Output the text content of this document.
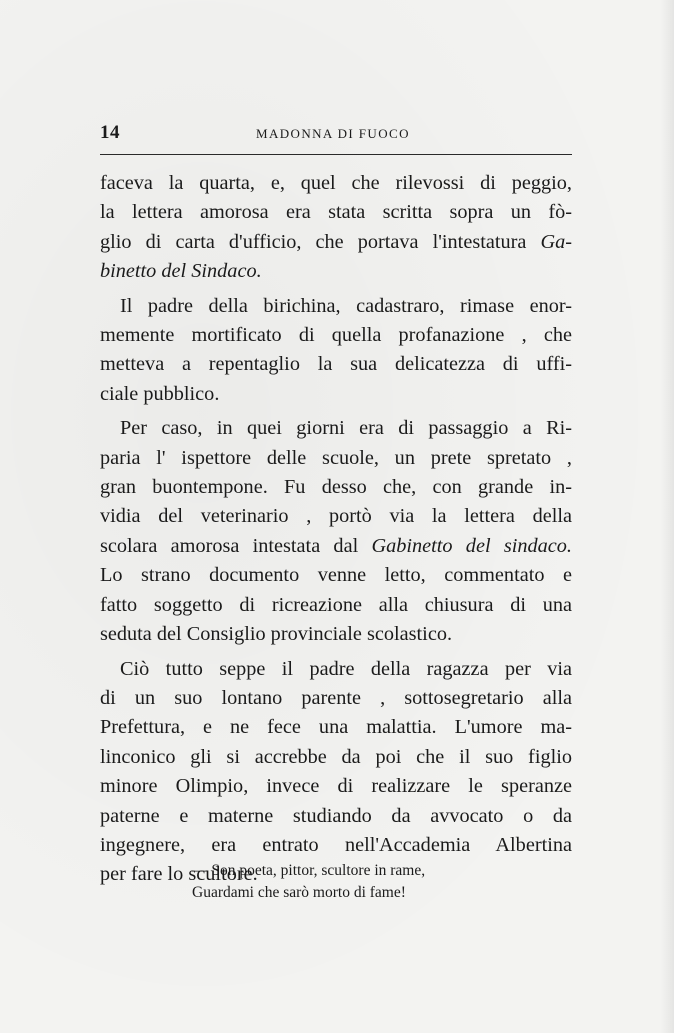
14	MADONNA DI FUOCO
faceva la quarta, e, quel che rilevossi di peggio,
la lettera amorosa era stata scritta sopra un fò-
glio di carta d'ufficio, che portava l'intestatura Ga-
binetto del Sindaco.
Il padre della birichina, cadastraro, rimase enor-
memente mortificato di quella profanazione , che
metteva a repentaglio la sua delicatezza di uffi-
ciale pubblico.
Per caso, in quei giorni era di passaggio a Ri-
paria l' ispettore delle scuole, un prete spretato ,
gran buontempone. Fu desso che, con grande in-
vidia del veterinario , portò via la lettera della
scolara amorosa intestata dal Gabinetto del sindaco.
Lo strano documento venne letto, commentato e
fatto soggetto di ricreazione alla chiusura di una
seduta del Consiglio provinciale scolastico.
Ciò tutto seppe il padre della ragazza per via
di un suo lontano parente , sottosegretario alla
Prefettura, e ne fece una malattia. L'umore ma-
linconico gli si accrebbe da poi che il suo figlio
minore Olimpio, invece di realizzare le speranze
paterne e materne studiando da avvocato o da
ingegnere, era entrato nell'Accademia Albertina
per fare lo scultore.
— Son poeta, pittor, scultore in rame,
Guardami che sarò morto di fame!
